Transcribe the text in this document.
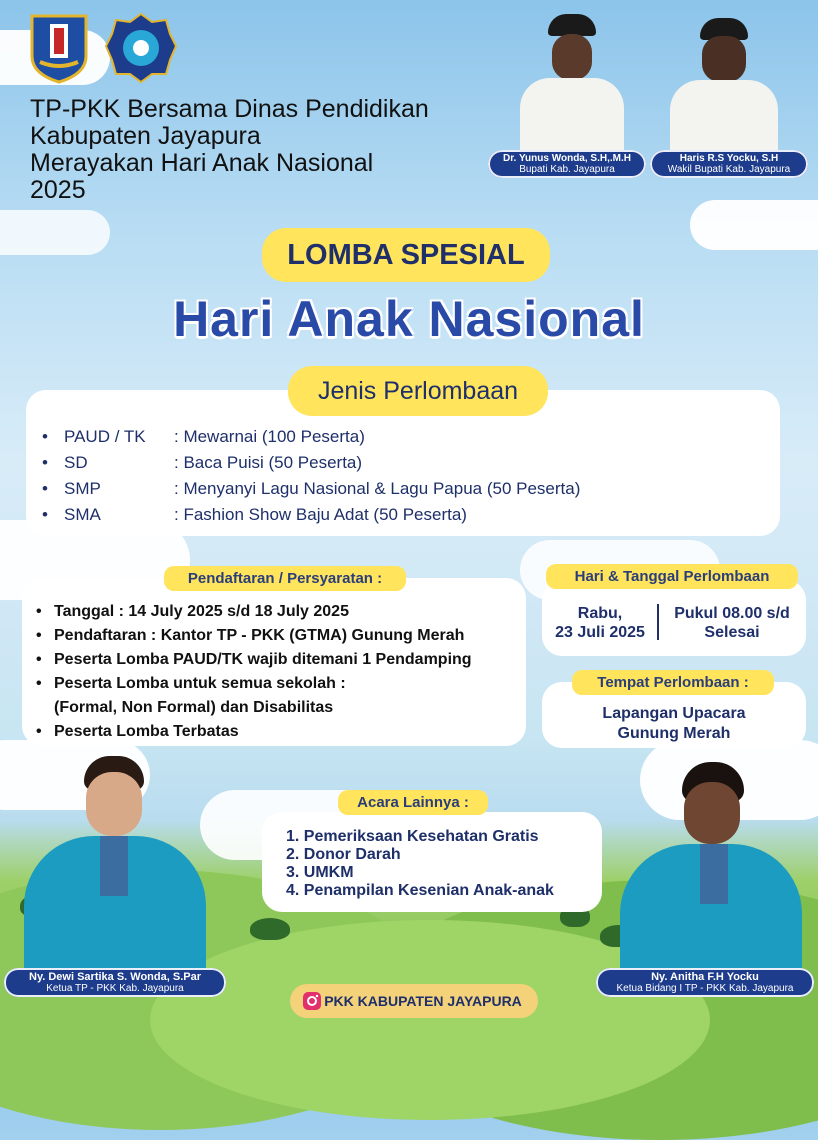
TP-PKK Bersama Dinas Pendidikan
Kabupaten Jayapura
Merayakan Hari Anak Nasional
2025
Dr. Yunus Wonda, S.H,.M.H
Bupati Kab. Jayapura
Haris R.S Yocku, S.H
Wakil Bupati Kab. Jayapura
LOMBA SPESIAL
Hari Anak Nasional
Jenis Perlombaan
• PAUD / TK	: Mewarnai (100 Peserta)
• SD	: Baca Puisi (50 Peserta)
• SMP	: Menyanyi Lagu Nasional & Lagu Papua (50 Peserta)
• SMA	: Fashion Show Baju Adat (50 Peserta)
Pendaftaran / Persyaratan :
• Tanggal : 14 July 2025 s/d 18 July 2025
• Pendaftaran : Kantor TP - PKK (GTMA) Gunung Merah
• Peserta Lomba PAUD/TK wajib ditemani 1 Pendamping
• Peserta Lomba untuk semua sekolah :
(Formal, Non Formal) dan Disabilitas
• Peserta Lomba Terbatas
Hari & Tanggal Perlombaan
Rabu,
23 Juli 2025
Pukul 08.00 s/d
Selesai
Tempat Perlombaan :
Lapangan Upacara
Gunung Merah
Acara Lainnya :
1. Pemeriksaan Kesehatan Gratis
2. Donor Darah
3. UMKM
4. Penampilan Kesenian Anak-anak
Ny. Dewi Sartika S. Wonda, S.Par
Ketua TP - PKK Kab. Jayapura
Ny. Anitha F.H Yocku
Ketua Bidang I TP - PKK Kab. Jayapura
PKK KABUPATEN JAYAPURA
